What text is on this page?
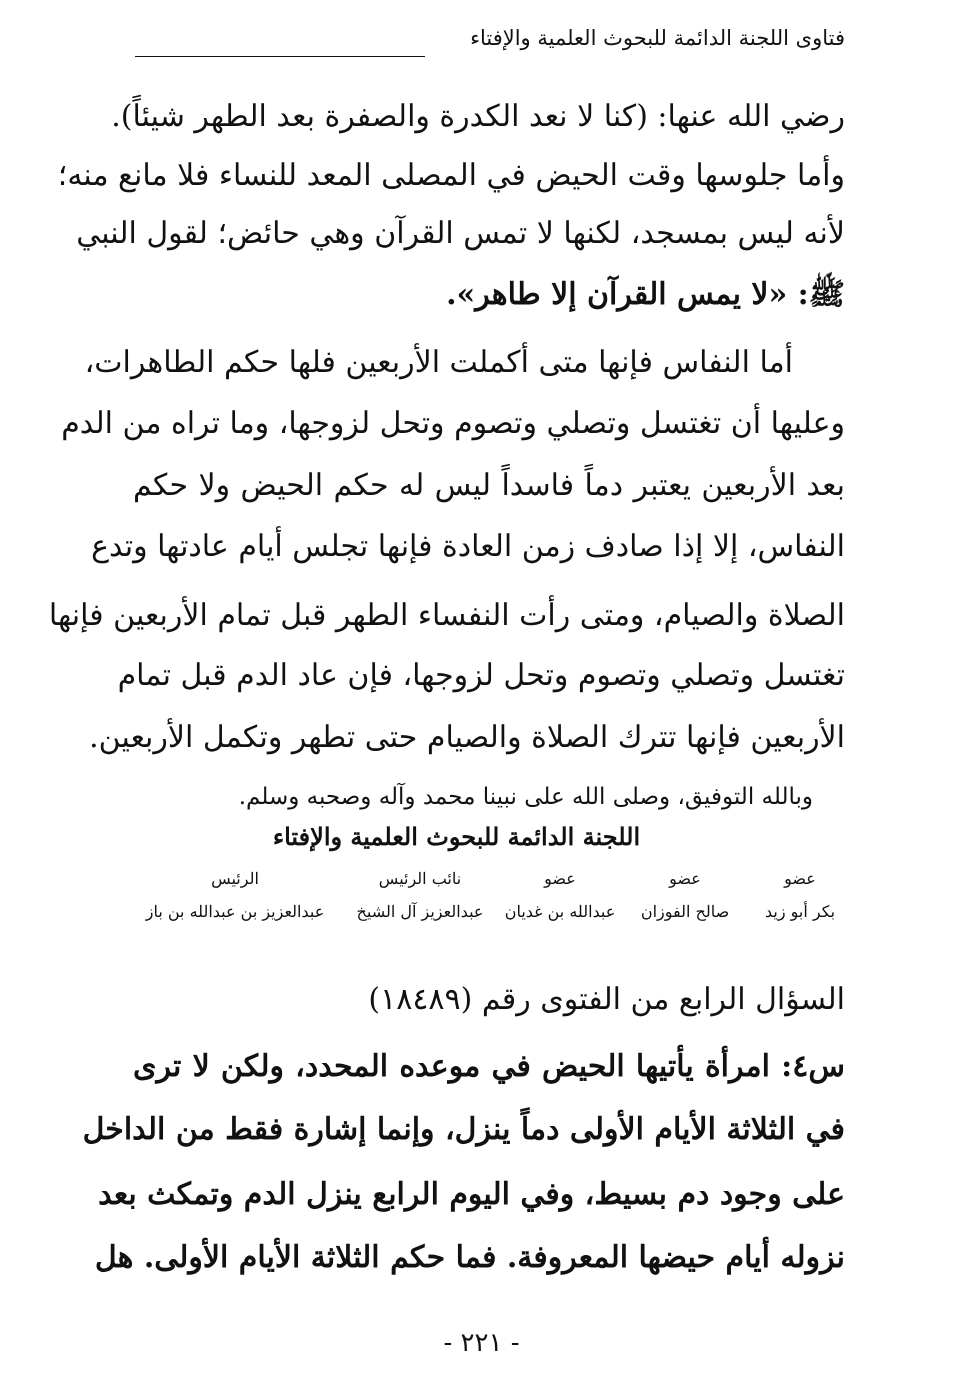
فتاوى اللجنة الدائمة للبحوث العلمية والإفتاء
رضي الله عنها: (كنا لا نعد الكدرة والصفرة بعد الطهر شيئاً).
وأما جلوسها وقت الحيض في المصلى المعد للنساء فلا مانع منه؛
لأنه ليس بمسجد، لكنها لا تمس القرآن وهي حائض؛ لقول النبي
ﷺ: «لا يمس القرآن إلا طاهر».
أما النفاس فإنها متى أكملت الأربعين فلها حكم الطاهرات،
وعليها أن تغتسل وتصلي وتصوم وتحل لزوجها، وما تراه من الدم
بعد الأربعين يعتبر دماً فاسداً ليس له حكم الحيض ولا حكم
النفاس، إلا إذا صادف زمن العادة فإنها تجلس أيام عادتها وتدع
الصلاة والصيام، ومتى رأت النفساء الطهر قبل تمام الأربعين فإنها
تغتسل وتصلي وتصوم وتحل لزوجها، فإن عاد الدم قبل تمام
الأربعين فإنها تترك الصلاة والصيام حتى تطهر وتكمل الأربعين.
وبالله التوفيق، وصلى الله على نبينا محمد وآله وصحبه وسلم.
اللجنة الدائمة للبحوث العلمية والإفتاء
عضو
بكر أبو زيد
عضو
صالح الفوزان
عضو
عبدالله بن غديان
نائب الرئيس
عبدالعزيز آل الشيخ
الرئيس
عبدالعزيز بن عبدالله بن باز
السؤال الرابع من الفتوى رقم (١٨٤٨٩)
س٤: امرأة يأتيها الحيض في موعده المحدد، ولكن لا ترى
في الثلاثة الأيام الأولى دماً ينزل، وإنما إشارة فقط من الداخل
على وجود دم بسيط، وفي اليوم الرابع ينزل الدم وتمكث بعد
نزوله أيام حيضها المعروفة. فما حكم الثلاثة الأيام الأولى. هل
- ٢٢١ -
